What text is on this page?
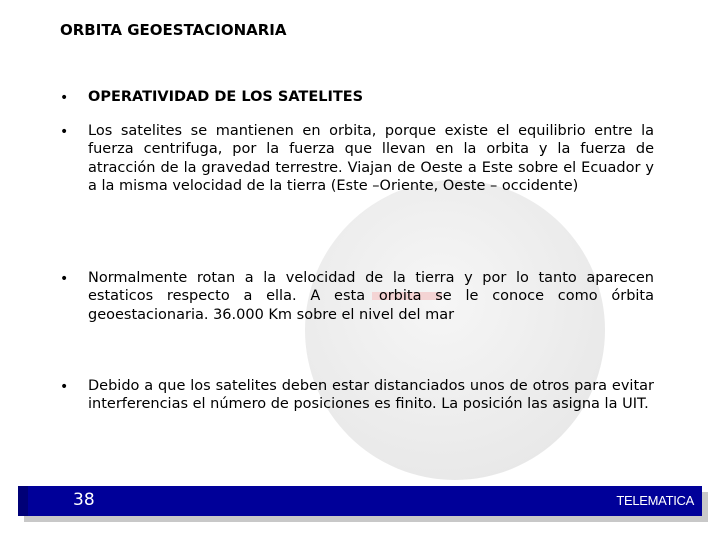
ORBITA GEOESTACIONARIA
•	OPERATIVIDAD DE LOS SATELITES
•	Los satelites se mantienen en orbita, porque existe el equilibrio entre la fuerza centrifuga, por la fuerza que llevan en la orbita y la fuerza de atracción de la gravedad terrestre. Viajan de Oeste a Este sobre el Ecuador y a la misma velocidad de la tierra (Este –Oriente, Oeste – occidente)
•	Normalmente rotan a la velocidad de la tierra y por lo tanto aparecen estaticos respecto a ella. A esta orbita se le conoce como órbita geoestacionaria. 36.000 Km sobre el nivel del mar
•	Debido a que los satelites deben estar distanciados unos de otros para evitar interferencias el número de posiciones es finito. La posición las asigna la UIT.
38	TELEMATICA
